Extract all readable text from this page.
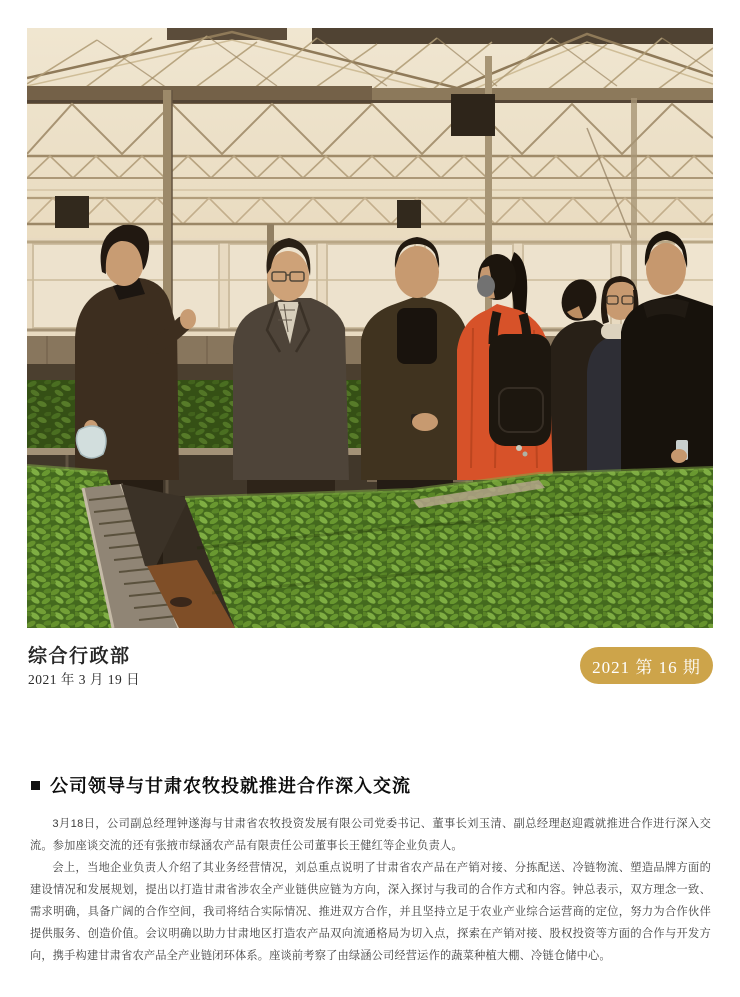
综合行政部
2021 年 3 月 19 日
2021 第 16 期
公司领导与甘肃农牧投就推进合作深入交流

3月18日，公司副总经理钟遂海与甘肃省农牧投资发展有限公司党委书记、董事长刘玉清、副总经理赵迎霞就推进合作进行深入交流。参加座谈交流的还有张掖市绿涵农产品有限责任公司董事长王健红等企业负责人。

会上，当地企业负责人介绍了其业务经营情况，刘总重点说明了甘肃省农产品在产销对接、分拣配送、冷链物流、塑造品牌方面的建设情况和发展规划，提出以打造甘肃省涉农全产业链供应链为方向，深入探讨与我司的合作方式和内容。钟总表示，双方理念一致、需求明确，具备广阔的合作空间，我司将结合实际情况、推进双方合作，并且坚持立足于农业产业综合运营商的定位，努力为合作伙伴提供服务、创造价值。会议明确以助力甘肃地区打造农产品双向流通格局为切入点，探索在产销对接、股权投资等方面的合作与开发方向，携手构建甘肃省农产品全产业链闭环体系。座谈前考察了由绿涵公司经营运作的蔬菜种植大棚、冷链仓储中心。
